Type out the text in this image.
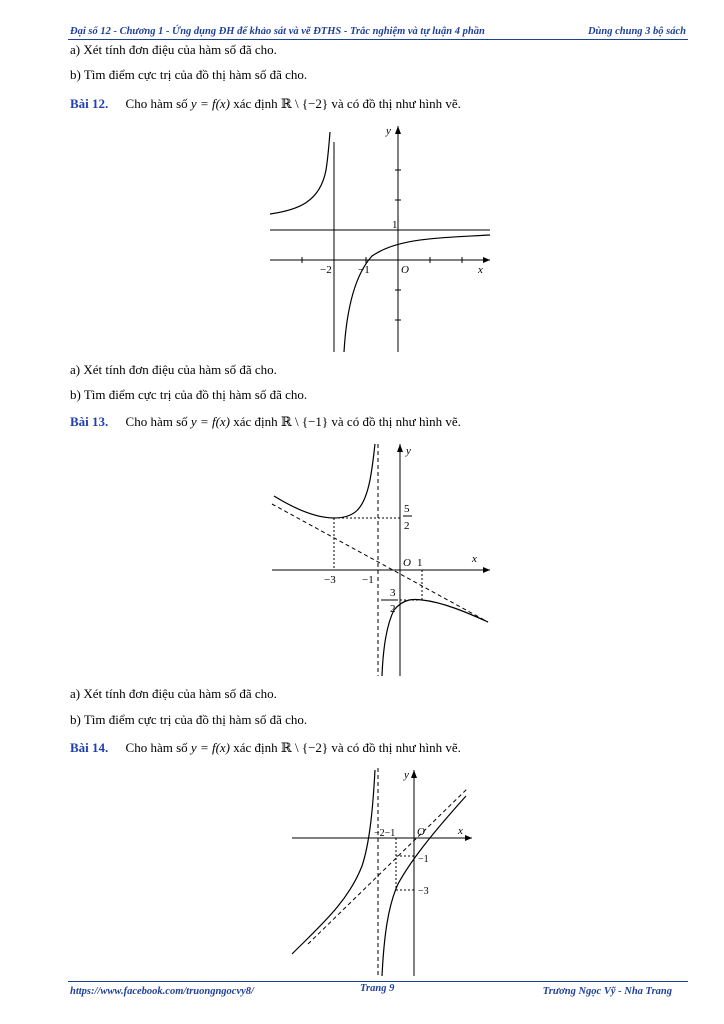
Đại số 12 - Chương 1 - Ứng dụng ĐH để khảo sát và vẽ ĐTHS - Trắc nghiệm và tự luận 4 phần	Dùng chung 3 bộ sách
a) Xét tính đơn điệu của hàm số đã cho.
b) Tìm điểm cực trị của đồ thị hàm số đã cho.
Bài 12. Cho hàm số y = f(x) xác định ℝ \ {−2} và có đồ thị như hình vẽ.
y
x
1
−2 −1	O
a) Xét tính đơn điệu của hàm số đã cho.
b) Tìm điểm cực trị của đồ thị hàm số đã cho.
Bài 13. Cho hàm số y = f(x) xác định ℝ \ {−1} và có đồ thị như hình vẽ.
y
x
O 1
−3 −1
5
2
3
2
a) Xét tính đơn điệu của hàm số đã cho.
b) Tìm điểm cực trị của đồ thị hàm số đã cho.
Bài 14. Cho hàm số y = f(x) xác định ℝ \ {−2} và có đồ thị như hình vẽ.
y
x
O
−2−1
−1
−3
https://www.facebook.com/truongngocvy8/	Trang 9	Trương Ngọc Vỹ - Nha Trang
